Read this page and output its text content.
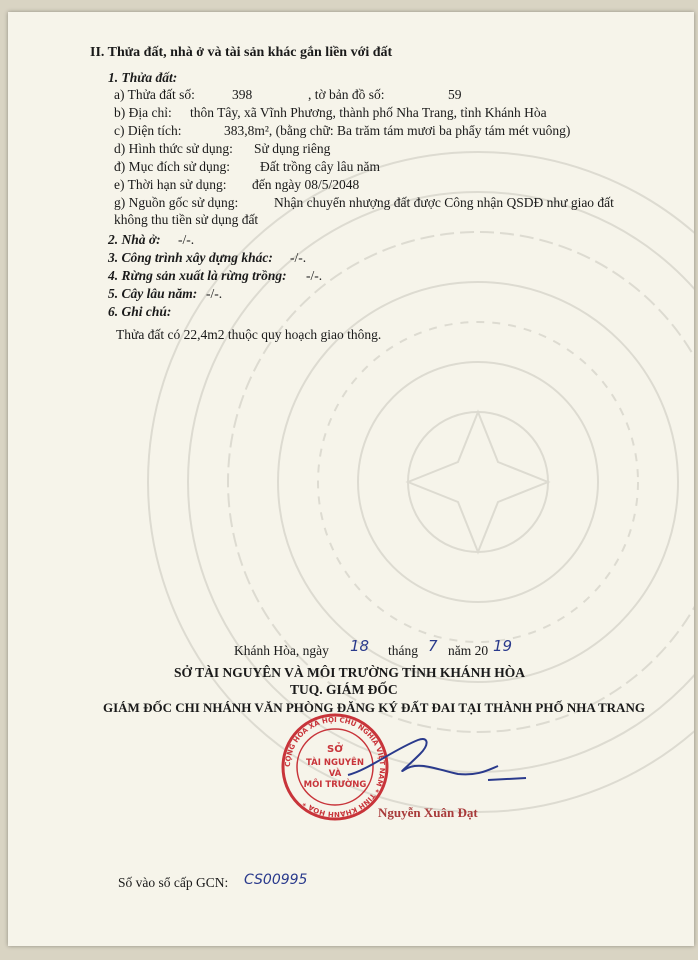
II. Thửa đất, nhà ở và tài sản khác gắn liền với đất
1. Thửa đất:
a) Thửa đất số:	398	, tờ bản đồ số:	59
b) Địa chỉ: thôn Tây, xã Vĩnh Phương, thành phố Nha Trang, tỉnh Khánh Hòa
c) Diện tích:	383,8m², (bằng chữ: Ba trăm tám mươi ba phẩy tám mét vuông)
d) Hình thức sử dụng: Sử dụng riêng
đ) Mục đích sử dụng: Đất trồng cây lâu năm
e) Thời hạn sử dụng: đến ngày 08/5/2048
g) Nguồn gốc sử dụng:	Nhận chuyển nhượng đất được Công nhận QSDĐ như giao đất
không thu tiền sử dụng đất
2. Nhà ở: -/-.
3. Công trình xây dựng khác: -/-.
4. Rừng sản xuất là rừng trồng: -/-.
5. Cây lâu năm: -/-.
6. Ghi chú:
Thửa đất có 22,4m2 thuộc quy hoạch giao thông.
Khánh Hòa, ngày 18 tháng 7 năm 20 19
SỞ TÀI NGUYÊN VÀ MÔI TRƯỜNG TỈNH KHÁNH HÒA
TUQ. GIÁM ĐỐC
GIÁM ĐỐC CHI NHÁNH VĂN PHÒNG ĐĂNG KÝ ĐẤT ĐAI TẠI THÀNH PHỐ NHA TRANG
CỘNG HÒA XÃ HỘI CHỦ NGHĨA VIỆT NAM * TỈNH KHÁNH HÒA *
SỞ
TÀI NGUYÊN
VÀ
MÔI TRƯỜNG
Nguyễn Xuân Đạt
Số vào sổ cấp GCN: CS00995
